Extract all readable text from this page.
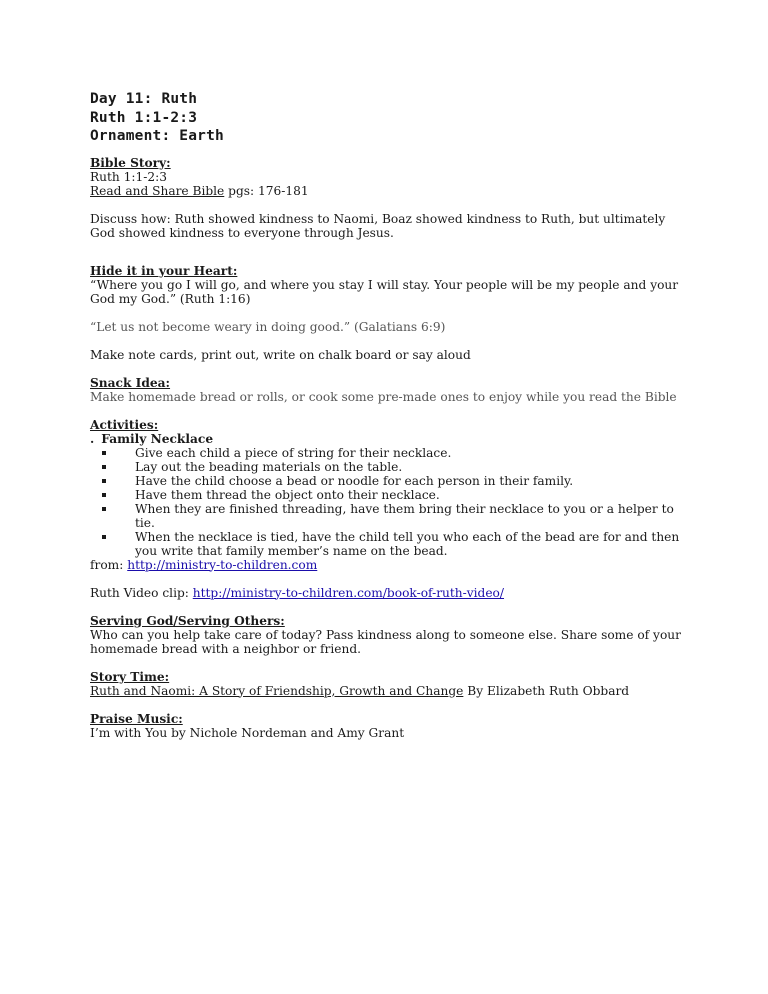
Day 11: Ruth
Ruth 1:1-2:3
Ornament: Earth
Bible Story:
Ruth 1:1-2:3
Read and Share Bible pgs: 176-181
Discuss how: Ruth showed kindness to Naomi, Boaz showed kindness to Ruth, but ultimately God showed kindness to everyone through Jesus.
Hide it in your Heart:
“Where you go I will go, and where you stay I will stay. Your people will be my people and your God my God.” (Ruth 1:16)
“Let us not become weary in doing good.” (Galatians 6:9)
Make note cards, print out, write on chalk board or say aloud
Snack Idea:
Make homemade bread or rolls, or cook some pre-made ones to enjoy while you read the Bible
Activities:
. Family Necklace
Give each child a piece of string for their necklace.
Lay out the beading materials on the table.
Have the child choose a bead or noodle for each person in their family.
Have them thread the object onto their necklace.
When they are finished threading, have them bring their necklace to you or a helper to tie.
When the necklace is tied, have the child tell you who each of the bead are for and then you write that family member’s name on the bead.
from: http://ministry-to-children.com
Ruth Video clip: http://ministry-to-children.com/book-of-ruth-video/
Serving God/Serving Others:
Who can you help take care of today? Pass kindness along to someone else. Share some of your homemade bread with a neighbor or friend.
Story Time:
Ruth and Naomi: A Story of Friendship, Growth and Change By Elizabeth Ruth Obbard
Praise Music:
I’m with You by Nichole Nordeman and Amy Grant
